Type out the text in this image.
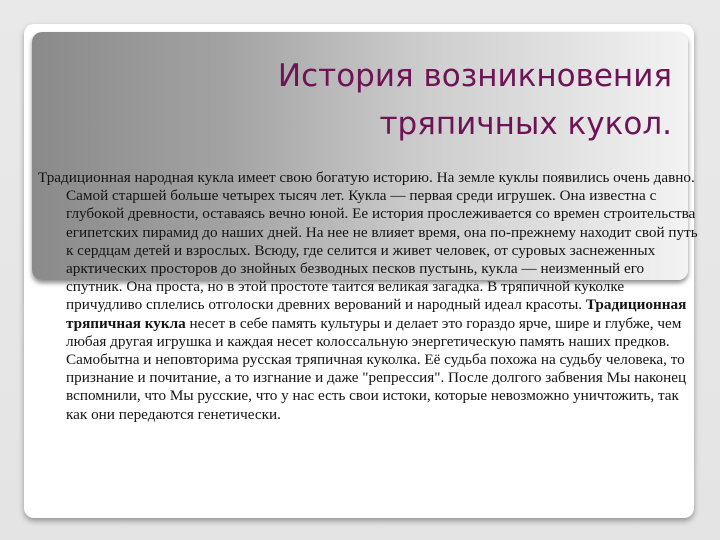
История возникновения
тряпичных кукол.

Традиционная народная кукла имеет свою богатую историю. На земле куклы появились очень давно. Самой старшей больше четырех тысяч лет. Кукла — первая среди игрушек. Она известна с глубокой древности, оставаясь вечно юной. Ее история прослеживается со времен строительства египетских пирамид до наших дней. На нее не влияет время, она по-прежнему находит свой путь к сердцам детей и взрослых. Всюду, где селится и живет человек, от суровых заснеженных арктических просторов до знойных безводных песков пустынь, кукла — неизменный его спутник. Она проста, но в этой простоте таится великая загадка. В тряпичной куколке причудливо сплелись отголоски древних верований и народный идеал красоты. Традиционная тряпичная кукла несет в себе память культуры и делает это гораздо ярче, шире и глубже, чем любая другая игрушка и каждая несет колоссальную энергетическую память наших предков. Самобытна и неповторима русская тряпичная куколка. Её судьба похожа на судьбу человека, то признание и почитание, а то изгнание и даже "репрессия". После долгого забвения Мы наконец вспомнили, что Мы русские, что у нас есть свои истоки, которые невозможно уничтожить, так как они передаются генетически.
